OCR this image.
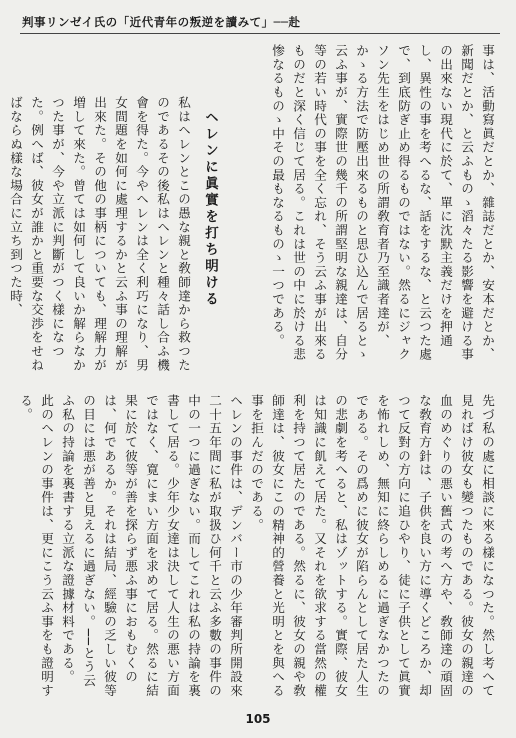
判事リンゼイ氏の「近代青年の叛逆を讀みて」──赴
事は、活動寫眞だとか、雜誌だとか、安本だとか、新聞だとか、と云ふものゝ滔々たる影響を避ける事の出來ない現代に於て、單に沈默主義だけを押通し、異性の事を考へるな、話をするな、と云つた處で、到底防ぎ止め得るものではない。然るにジャクソン先生をはじめ世の所謂敎育者乃至識者達が、かゝる方法で防壓出來るものと思ひ込んで居るとゝ云ふ事が、實際世の幾千の所謂堅明な親達は、自分等の若い時代の事を全く忘れ、そう云ふ事が出來るものだと深く信じて居る。これは世の中に於ける悲惨なるものゝ中その最もなるものゝ一つである。
ヘレンに眞實を打ち明ける
私はヘレンとこの愚な親と敎師達から救つたのであるその後私はヘレンと種々話し合ふ機會を得た。今やヘレンは全く利巧になり、男女間題を如何に處理するかと云ふ事の理解が出來た。その他の事柄についても、理解力が増して來た。曾ては如何して良いか解らなかつた事が、今や立派に判斷がつく樣になつた。例へば、彼女が誰かと重要な交渉をせねばならぬ樣な場合に立ち到つた時、
先づ私の處に相談に來る樣になつた。然し考へて見ればけ彼女も變つたものである。彼女の親達の血のめぐりの悪い舊式の考へ方や、敎師達の頑固な敎育方針は、子供を良い方に導くどころか、却つて反對の方向に追ひやり、徒に子供として眞實を怖れしめ、無知に終らしめるに過ぎなかつたのである。その爲めに彼女が陷らんとして居た人生の悲劇を考へると、私はゾットする。實際、彼女は知識に飢えて居た。又それを欲求する當然の權利を持つて居たのである。然るに、彼女の親や敎師達は、彼女にこの精神的營養と光明とを與へる事を拒んだのである。
ヘレンの事件は、デンバー市の少年審判所開設來二十五年間に私が取扱ひ何千と云ふ多數の事件の中の一つに過ぎない。而してこれは私の持論を裏書して居る。少年少女達は決して人生の悪い方面ではなく、寛にまい方面を求めて居る。然るに結果に於て彼等が善を探らず悪ふ事におもむくのは、何であるか。それは結局、經驗の乏しい彼等の目には悪が善と見えるに過ぎない。──とう云ふ私の持論を裏書する立派な證據材料である。
此のヘレンの事件は、更にこう云ふ事をも證明する。
105
